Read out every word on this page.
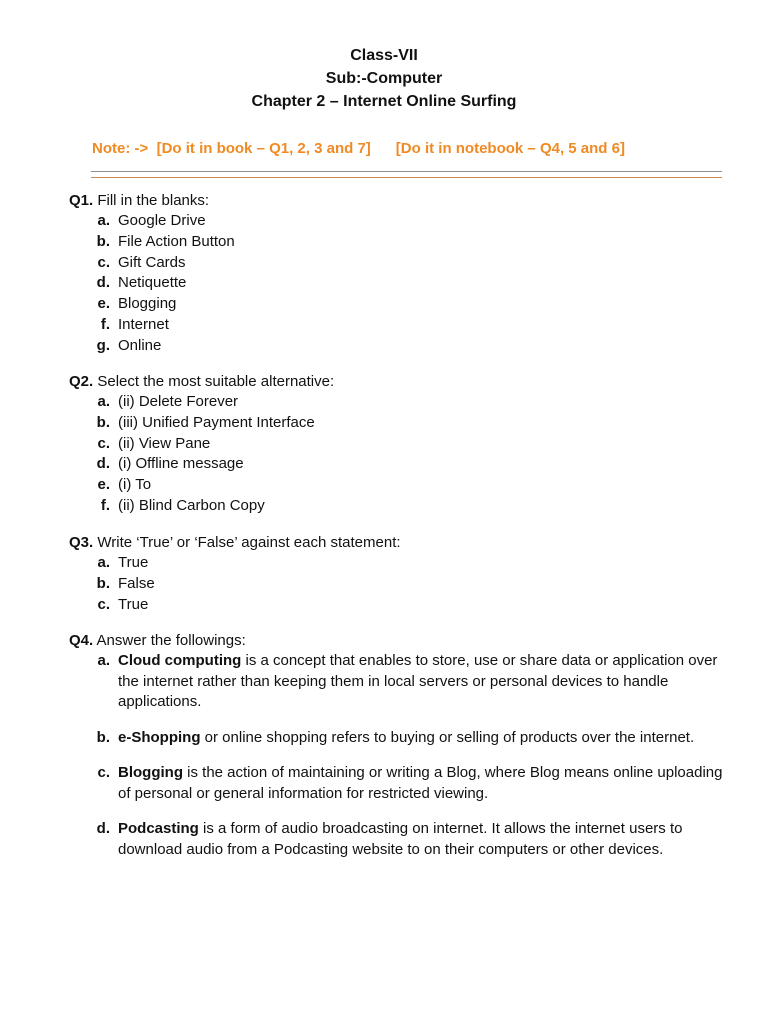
Class-VII
Sub:-Computer
Chapter 2 – Internet Online Surfing
Note: ->  [Do it in book – Q1, 2, 3 and 7]      [Do it in notebook – Q4, 5 and 6]
Q1. Fill in the blanks:
a. Google Drive
b. File Action Button
c. Gift Cards
d. Netiquette
e. Blogging
f. Internet
g. Online
Q2. Select the most suitable alternative:
a. (ii) Delete Forever
b. (iii) Unified Payment Interface
c. (ii) View Pane
d. (i) Offline message
e. (i) To
f. (ii) Blind Carbon Copy
Q3. Write ‘True’ or ‘False’ against each statement:
a. True
b. False
c. True
Q4. Answer the followings:
a. Cloud computing is a concept that enables to store, use or share data or application over the internet rather than keeping them in local servers or personal devices to handle applications.
b. e-Shopping or online shopping refers to buying or selling of products over the internet.
c. Blogging is the action of maintaining or writing a Blog, where Blog means online uploading of personal or general information for restricted viewing.
d. Podcasting is a form of audio broadcasting on internet. It allows the internet users to download audio from a Podcasting website to on their computers or other devices.
